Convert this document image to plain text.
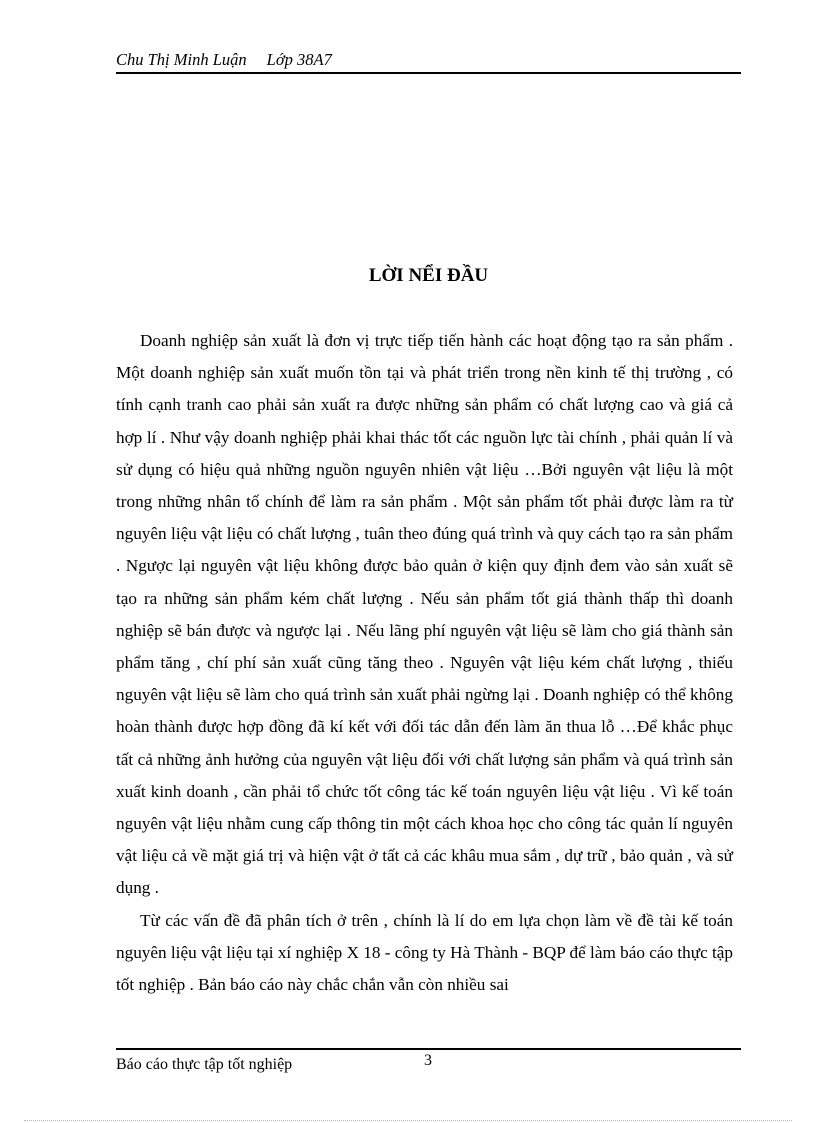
Chu Thị Minh Luận Lớp 38A7
LỜI NỂI ĐẦU

Doanh nghiệp sản xuất là đơn vị trực tiếp tiến hành các hoạt động tạo ra sản phẩm . Một doanh nghiệp sản xuất muốn tồn tại và phát triển trong nền kinh tế thị trường , có tính cạnh tranh cao phải sản xuất ra được những sản phẩm có chất lượng cao và giá cả hợp lí . Như vậy doanh nghiệp phải khai thác tốt các nguồn lực tài chính , phải quản lí và sử dụng có hiệu quả những nguồn nguyên nhiên vật liệu …Bởi nguyên vật liệu là một trong những nhân tố chính để làm ra sản phẩm . Một sản phẩm tốt phải được làm ra từ nguyên liệu vật liệu có chất lượng , tuân theo đúng quá trình và quy cách tạo ra sản phẩm . Ngược lại nguyên vật liệu không được bảo quản ở kiện quy định đem vào sản xuất sẽ tạo ra những sản phẩm kém chất lượng . Nếu sản phẩm tốt giá thành thấp thì doanh nghiệp sẽ bán được và ngược lại . Nếu lãng phí nguyên vật liệu sẽ làm cho giá thành sản phẩm tăng , chí phí sản xuất cũng tăng theo . Nguyên vật liệu kém chất lượng , thiếu nguyên vật liệu sẽ làm cho quá trình sản xuất phải ngừng lại . Doanh nghiệp có thể không hoàn thành được hợp đồng đã kí kết với đối tác dẫn đến làm ăn thua lỗ …Để khắc phục tất cả những ảnh hưởng của nguyên vật liệu đối với chất lượng sản phẩm và quá trình sản xuất kinh doanh , cần phải tổ chức tốt công tác kế toán nguyên liệu vật liệu . Vì kế toán nguyên vật liệu nhằm cung cấp thông tin một cách khoa học cho công tác quản lí nguyên vật liệu cả về mặt giá trị và hiện vật ở tất cả các khâu mua sắm , dự trữ , bảo quản , và sử dụng .

Từ các vấn đề đã phân tích ở trên , chính là lí do em lựa chọn làm về đề tài kế toán nguyên liệu vật liệu tại xí nghiệp X 18 - công ty Hà Thành - BQP để làm báo cáo thực tập tốt nghiệp . Bản báo cáo này chắc chắn vẫn còn nhiều sai

Báo cáo thực tập tốt nghiệp	3
